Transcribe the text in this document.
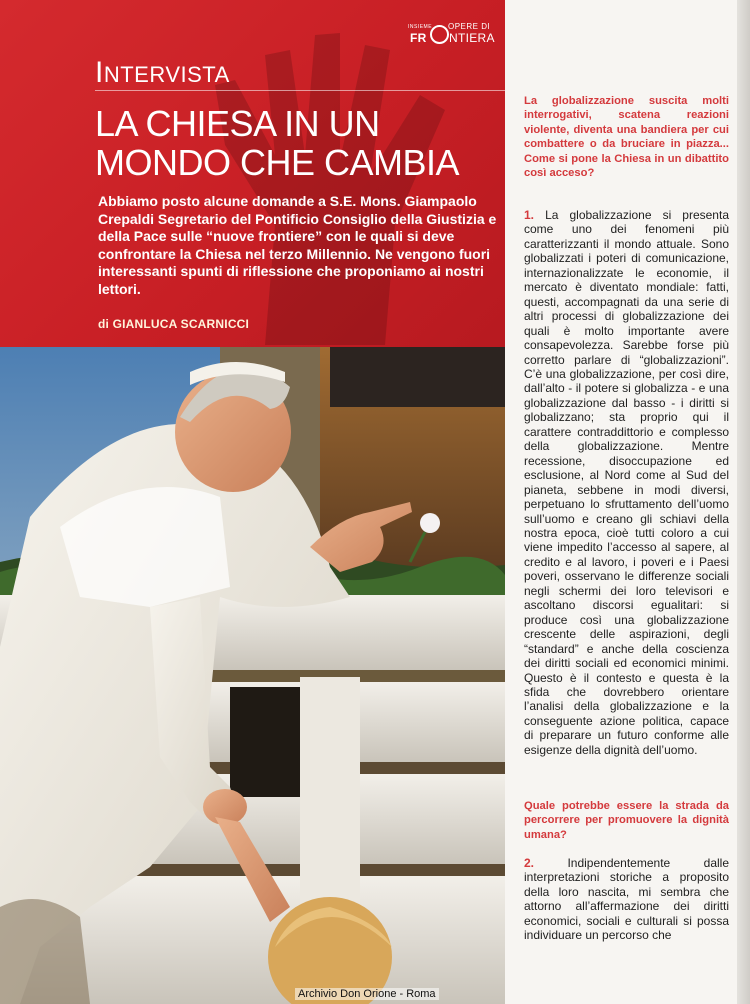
INSIEME OPERE DI
FR NTIERA
INTERVISTA
LA CHIESA IN UN
MONDO CHE CAMBIA

Abbiamo posto alcune domande a S.E. Mons. Giampaolo Crepaldi Segretario del Pontificio Consiglio della Giustizia e della Pace sulle “nuove frontiere” con le quali si deve confrontare la Chiesa nel terzo Millennio. Ne vengono fuori interessanti spunti di riflessione che proponiamo ai nostri lettori.

di GIANLUCA SCARNICCI

La globalizzazione suscita molti interrogativi, scatena reazioni violente, diventa una bandiera per cui combattere o da bruciare in piazza... Come si pone la Chiesa in un dibattito così acceso?

1. La globalizzazione si presenta come uno dei fenomeni più caratterizzanti il mondo attuale. Sono globalizzati i poteri di comunicazione, internazionalizzate le economie, il mercato è diventato mondiale: fatti, questi, accompagnati da una serie di altri processi di globalizzazione dei quali è molto importante avere consapevolezza. Sarebbe forse più corretto parlare di “globalizzazioni”. C’è una globalizzazione, per così dire, dall’alto - il potere si globalizza - e una globalizzazione dal basso - i diritti si globalizzano; sta proprio qui il carattere contraddittorio e complesso della globalizzazione. Mentre recessione, disoccupazione ed esclusione, al Nord come al Sud del pianeta, sebbene in modi diversi, perpetuano lo sfruttamento dell’uomo sull’uomo e creano gli schiavi della nostra epoca, cioè tutti coloro a cui viene impedito l’accesso al sapere, al credito e al lavoro, i poveri e i Paesi poveri, osservano le differenze sociali negli schermi dei loro televisori e ascoltano discorsi egualitari: si produce così una globalizzazione crescente delle aspirazioni, degli “standard” e anche della coscienza dei diritti sociali ed economici minimi. Questo è il contesto e questa è la sfida che dovrebbero orientare l’analisi della globalizzazione e la conseguente azione politica, capace di preparare un futuro conforme alle esigenze della dignità dell’uomo.

Quale potrebbe essere la strada da percorrere per promuovere la dignità umana?

2.	Indipendentemente dalle interpretazioni storiche a proposito della loro nascita, mi sembra che attorno all’affermazione dei diritti economici, sociali e culturali si possa individuare un percorso che

Archivio Don Orione - Roma
